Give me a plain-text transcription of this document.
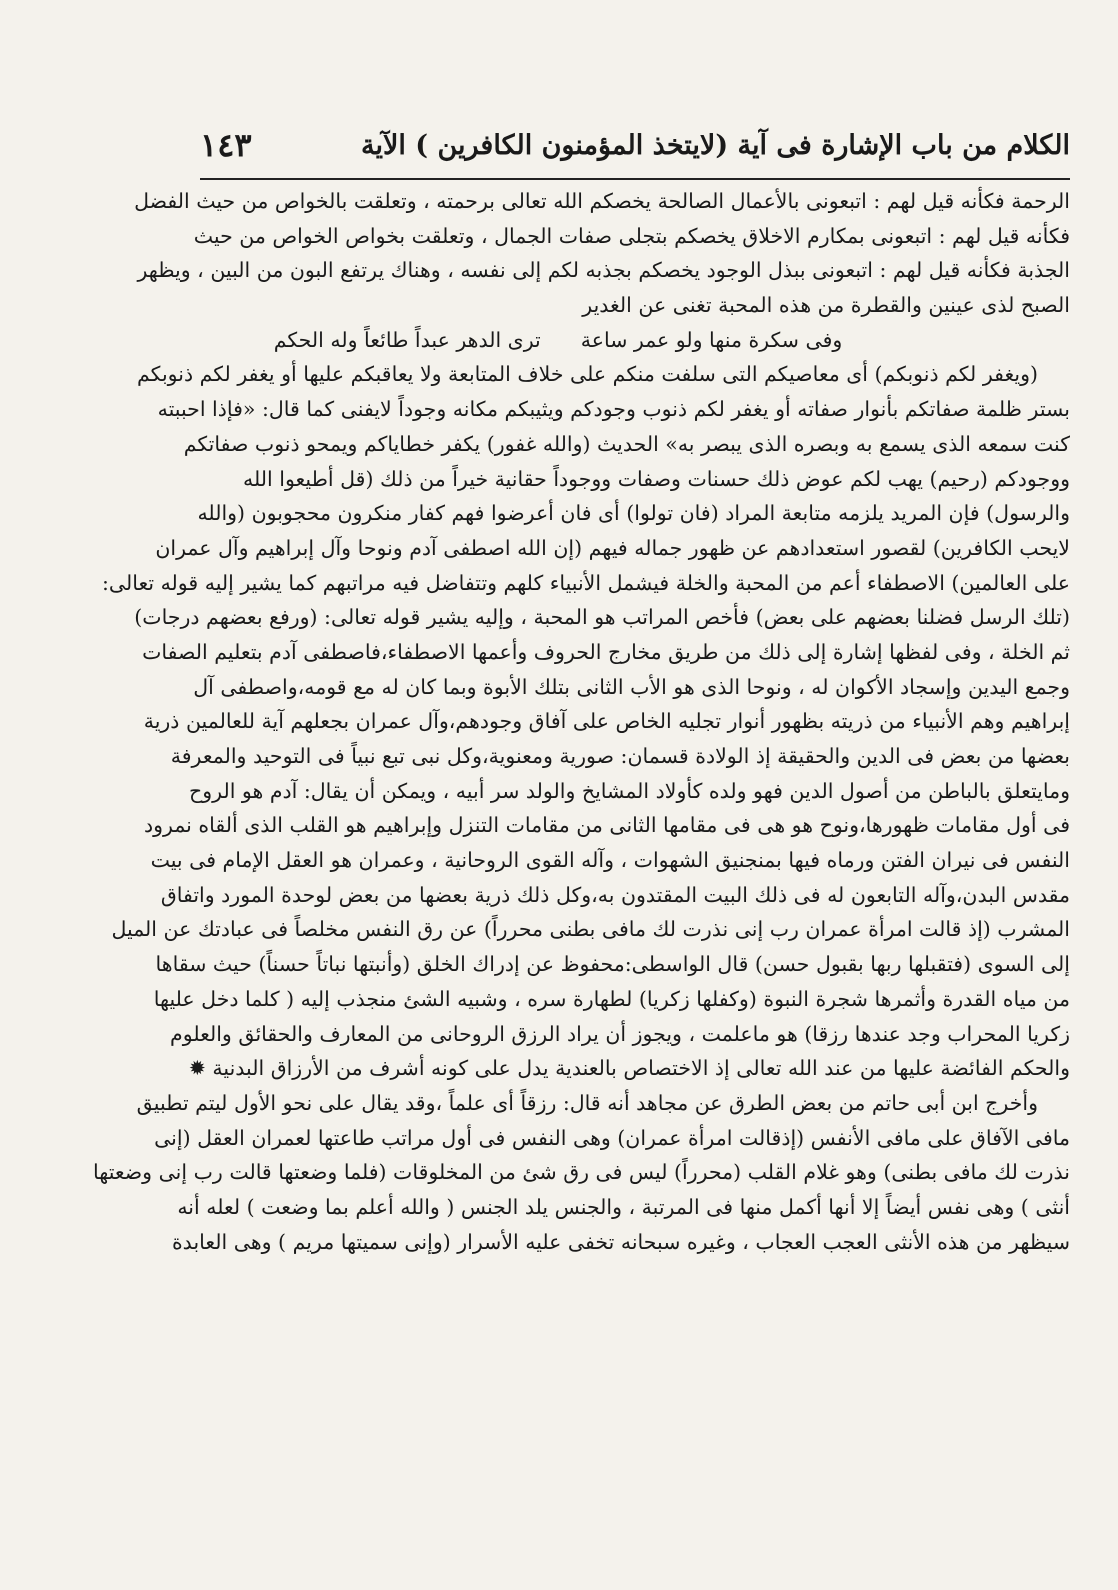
الكلام من باب الإشارة فى آية (لايتخذ المؤمنون الكافرين ) الآية
١٤٣
الرحمة فكأنه قيل لهم : اتبعونى بالأعمال الصالحة يخصكم الله تعالى برحمته ، وتعلقت بالخواص من حيث الفضل
فكأنه قيل لهم : اتبعونى بمكارم الاخلاق يخصكم بتجلى صفات الجمال ، وتعلقت بخواص الخواص من حيث
الجذبة فكأنه قيل لهم : اتبعونى ببذل الوجود يخصكم بجذبه لكم إلى نفسه ، وهناك يرتفع البون من البين ، ويظهر
الصبح لذى عينين والقطرة من هذه المحبة تغنى عن الغدير
وفى سكرة منها ولو عمر ساعةترى الدهر عبداً طائعاً وله الحكم
(ويغفر لكم ذنوبكم) أى معاصيكم التى سلفت منكم على خلاف المتابعة ولا يعاقبكم عليها أو يغفر لكم ذنوبكم
بستر ظلمة صفاتكم بأنوار صفاته أو يغفر لكم ذنوب وجودكم ويثيبكم مكانه وجوداً لايفنى كما قال: «فإذا احببته
كنت سمعه الذى يسمع به وبصره الذى يبصر به» الحديث (والله غفور) يكفر خطاياكم ويمحو ذنوب صفاتكم
ووجودكم (رحيم) يهب لكم عوض ذلك حسنات وصفات ووجوداً حقانية خيراً من ذلك (قل أطيعوا الله
والرسول) فإن المريد يلزمه متابعة المراد (فان تولوا) أى فان أعرضوا فهم كفار منكرون محجوبون (والله
لايحب الكافرين) لقصور استعدادهم عن ظهور جماله فيهم (إن الله اصطفى آدم ونوحا وآل إبراهيم وآل عمران
على العالمين) الاصطفاء أعم من المحبة والخلة فيشمل الأنبياء كلهم وتتفاضل فيه مراتبهم كما يشير إليه قوله تعالى:
(تلك الرسل فضلنا بعضهم على بعض) فأخص المراتب هو المحبة ، وإليه يشير قوله تعالى: (ورفع بعضهم درجات)
ثم الخلة ، وفى لفظها إشارة إلى ذلك من طريق مخارج الحروف وأعمها الاصطفاء،فاصطفى آدم بتعليم الصفات
وجمع اليدين وإسجاد الأكوان له ، ونوحا الذى هو الأب الثانى بتلك الأبوة وبما كان له مع قومه،واصطفى آل
إبراهيم وهم الأنبياء من ذريته بظهور أنوار تجليه الخاص على آفاق وجودهم،وآل عمران بجعلهم آية للعالمين ذرية
بعضها من بعض فى الدين والحقيقة إذ الولادة قسمان: صورية ومعنوية،وكل نبى تبع نبياً فى التوحيد والمعرفة
ومايتعلق بالباطن من أصول الدين فهو ولده كأولاد المشايخ والولد سر أبيه ، ويمكن أن يقال: آدم هو الروح
فى أول مقامات ظهورها،ونوح هو هى فى مقامها الثانى من مقامات التنزل وإبراهيم هو القلب الذى ألقاه نمرود
النفس فى نيران الفتن ورماه فيها بمنجنيق الشهوات ، وآله القوى الروحانية ، وعمران هو العقل الإمام فى بيت
مقدس البدن،وآله التابعون له فى ذلك البيت المقتدون به،وكل ذلك ذرية بعضها من بعض لوحدة المورد واتفاق
المشرب (إذ قالت امرأة عمران رب إنى نذرت لك مافى بطنى محرراً) عن رق النفس مخلصاً فى عبادتك عن الميل
إلى السوى (فتقبلها ربها بقبول حسن) قال الواسطى:محفوظ عن إدراك الخلق (وأنبتها نباتاً حسناً) حيث سقاها
من مياه القدرة وأثمرها شجرة النبوة (وكفلها زكريا) لطهارة سره ، وشبيه الشئ منجذب إليه ( كلما دخل عليها
زكريا المحراب وجد عندها رزقا) هو ماعلمت ، ويجوز أن يراد الرزق الروحانى من المعارف والحقائق والعلوم
والحكم الفائضة عليها من عند الله تعالى إذ الاختصاص بالعندية يدل على كونه أشرف من الأرزاق البدنية ✹
وأخرج ابن أبى حاتم من بعض الطرق عن مجاهد أنه قال: رزقاً أى علماً ،وقد يقال على نحو الأول ليتم تطبيق
مافى الآفاق على مافى الأنفس (إذقالت امرأة عمران) وهى النفس فى أول مراتب طاعتها لعمران العقل (إنى
نذرت لك مافى بطنى) وهو غلام القلب (محرراً) ليس فى رق شئ من المخلوقات (فلما وضعتها قالت رب إنى وضعتها
أنثى ) وهى نفس أيضاً إلا أنها أكمل منها فى المرتبة ، والجنس يلد الجنس ( والله أعلم بما وضعت ) لعله أنه
سيظهر من هذه الأنثى العجب العجاب ، وغيره سبحانه تخفى عليه الأسرار (وإنى سميتها مريم ) وهى العابدة
